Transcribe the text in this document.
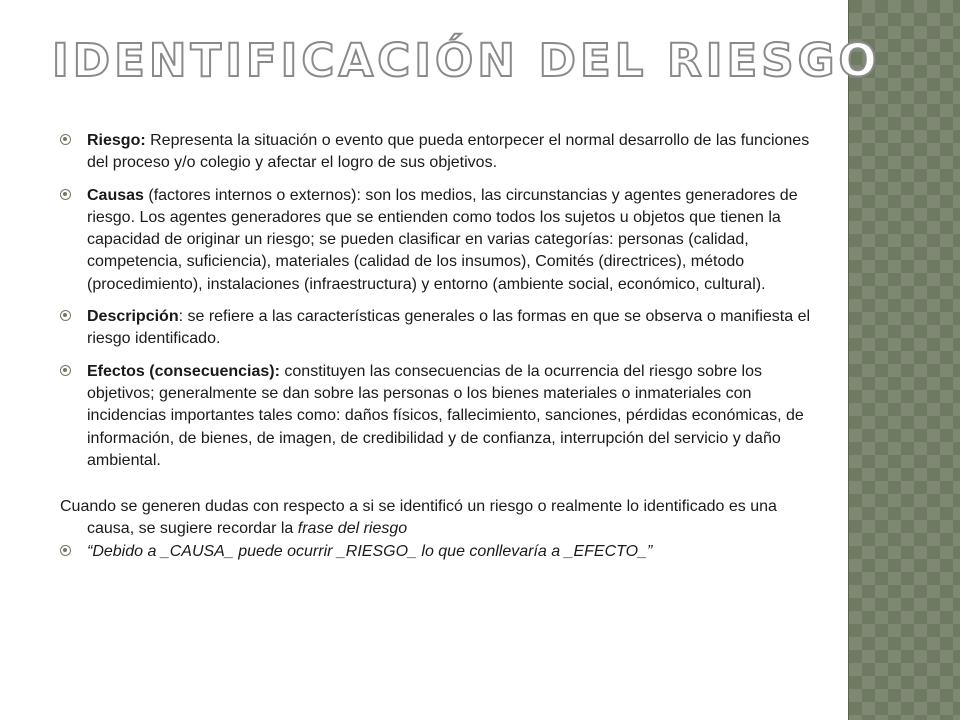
IDENTIFICACIÓN DEL RIESGO
Riesgo: Representa la situación o evento que pueda entorpecer el normal desarrollo de las funciones del proceso y/o colegio y afectar el logro de sus objetivos.
Causas (factores internos o externos): son los medios, las circunstancias y agentes generadores de riesgo. Los agentes generadores que se entienden como todos los sujetos u objetos que tienen la capacidad de originar un riesgo; se pueden clasificar en varias categorías: personas (calidad, competencia, suficiencia), materiales (calidad de los insumos), Comités (directrices), método (procedimiento), instalaciones (infraestructura) y entorno (ambiente social, económico, cultural).
Descripción: se refiere a las características generales o las formas en que se observa o manifiesta el riesgo identificado.
Efectos (consecuencias): constituyen las consecuencias de la ocurrencia del riesgo sobre los objetivos; generalmente se dan sobre las personas o los bienes materiales o inmateriales con incidencias importantes tales como: daños físicos, fallecimiento, sanciones, pérdidas económicas, de información, de bienes, de imagen, de credibilidad y de confianza, interrupción del servicio y daño ambiental.

Cuando se generen dudas con respecto a si se identificó un riesgo o realmente lo identificado es una causa, se sugiere recordar la frase del riesgo

“Debido a _CAUSA_ puede ocurrir _RIESGO_ lo que conllevaría a _EFECTO_”
